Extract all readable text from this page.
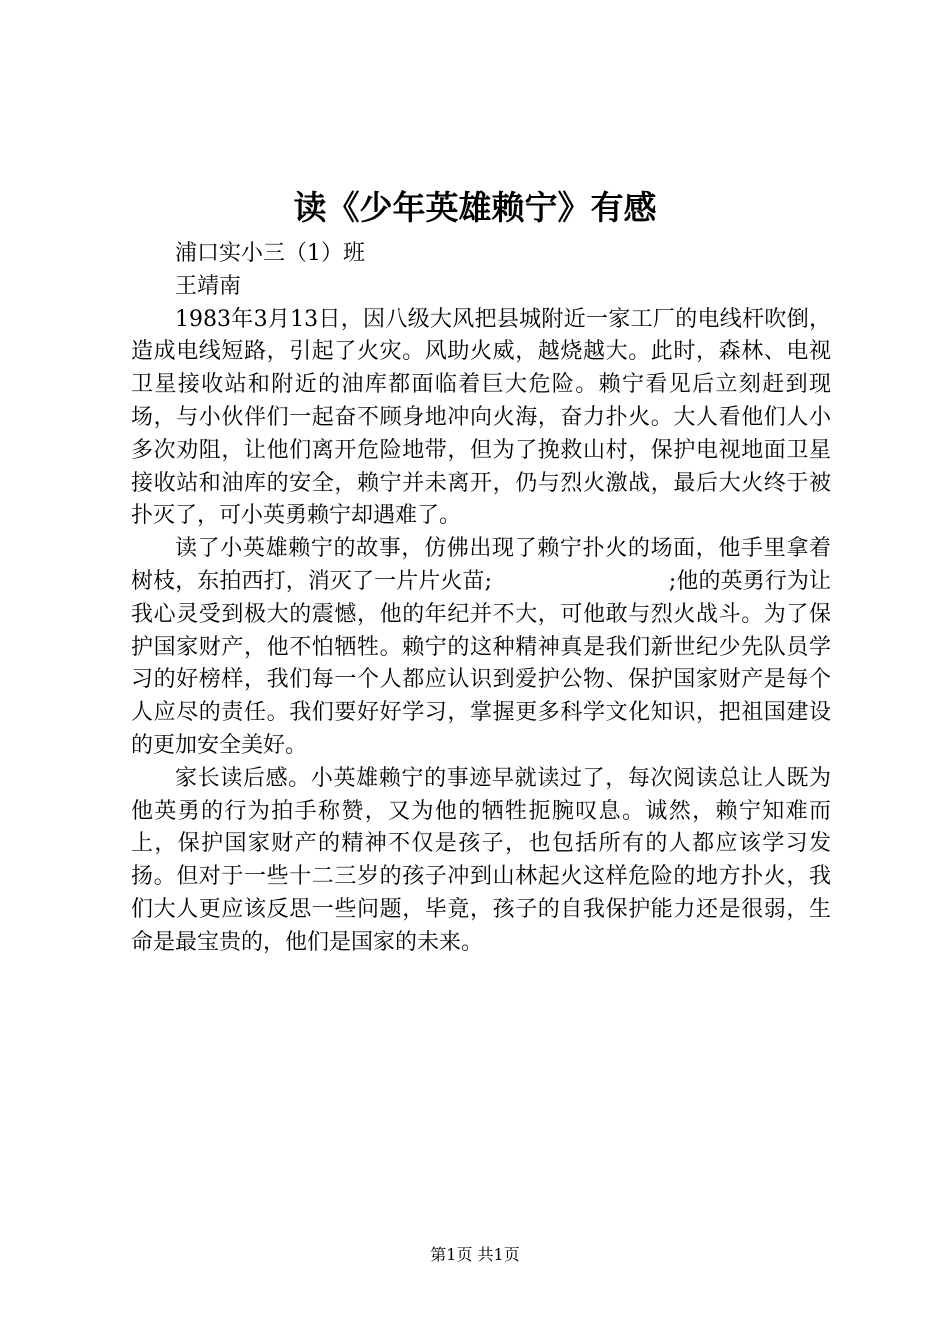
读《少年英雄赖宁》有感
浦口实小三（1）班
王靖南

1983年3月13日，因八级大风把县城附近一家工厂的电线杆吹倒，造成电线短路，引起了火灾。风助火威，越烧越大。此时，森林、电视卫星接收站和附近的油库都面临着巨大危险。赖宁看见后立刻赶到现场，与小伙伴们一起奋不顾身地冲向火海，奋力扑火。大人看他们人小多次劝阻，让他们离开危险地带，但为了挽救山村，保护电视地面卫星接收站和油库的安全，赖宁并未离开，仍与烈火激战，最后大火终于被扑灭了，可小英勇赖宁却遇难了。

读了小英雄赖宁的故事，仿佛出现了赖宁扑火的场面，他手里拿着树枝，东拍西打，消灭了一片片火苗;　　　　　　　　;他的英勇行为让我心灵受到极大的震憾，他的年纪并不大，可他敢与烈火战斗。为了保护国家财产，他不怕牺牲。赖宁的这种精神真是我们新世纪少先队员学习的好榜样，我们每一个人都应认识到爱护公物、保护国家财产是每个人应尽的责任。我们要好好学习，掌握更多科学文化知识，把祖国建设的更加安全美好。

家长读后感。小英雄赖宁的事迹早就读过了，每次阅读总让人既为他英勇的行为拍手称赞，又为他的牺牲扼腕叹息。诚然，赖宁知难而上，保护国家财产的精神不仅是孩子，也包括所有的人都应该学习发扬。但对于一些十二三岁的孩子冲到山林起火这样危险的地方扑火，我们大人更应该反思一些问题，毕竟，孩子的自我保护能力还是很弱，生命是最宝贵的，他们是国家的未来。

第1页 共1页
